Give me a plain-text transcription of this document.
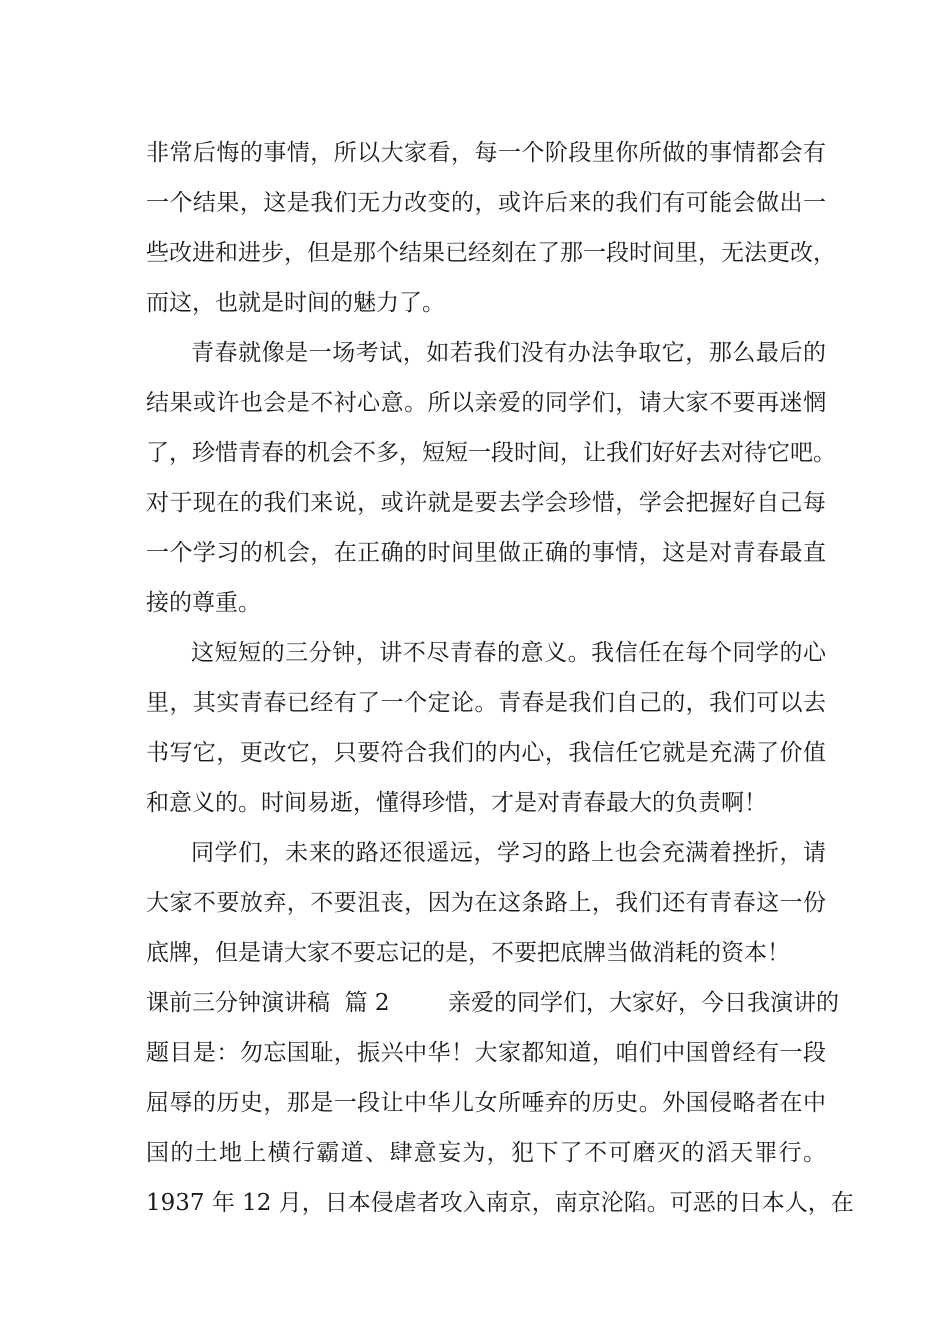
非常后悔的事情，所以大家看，每一个阶段里你所做的事情都会有
一个结果，这是我们无力改变的，或许后来的我们有可能会做出一
些改进和进步，但是那个结果已经刻在了那一段时间里，无法更改，
而这，也就是时间的魅力了。
青春就像是一场考试，如若我们没有办法争取它，那么最后的
结果或许也会是不衬心意。所以亲爱的同学们，请大家不要再迷惘
了，珍惜青春的机会不多，短短一段时间，让我们好好去对待它吧。
对于现在的我们来说，或许就是要去学会珍惜，学会把握好自己每
一个学习的机会，在正确的时间里做正确的事情，这是对青春最直
接的尊重。
这短短的三分钟，讲不尽青春的意义。我信任在每个同学的心
里，其实青春已经有了一个定论。青春是我们自己的，我们可以去
书写它，更改它，只要符合我们的内心，我信任它就是充满了价值
和意义的。时间易逝，懂得珍惜，才是对青春最大的负责啊！
同学们，未来的路还很遥远，学习的路上也会充满着挫折，请
大家不要放弃，不要沮丧，因为在这条路上，我们还有青春这一份
底牌，但是请大家不要忘记的是，不要把底牌当做消耗的资本！
课前三分钟演讲稿  篇 2        亲爱的同学们，大家好，今日我演讲的
题目是：勿忘国耻，振兴中华！大家都知道，咱们中国曾经有一段
屈辱的历史，那是一段让中华儿女所唾弃的历史。外国侵略者在中
国的土地上横行霸道、肆意妄为，犯下了不可磨灭的滔天罪行。
1937 年 12 月，日本侵虐者攻入南京，南京沦陷。可恶的日本人，在
